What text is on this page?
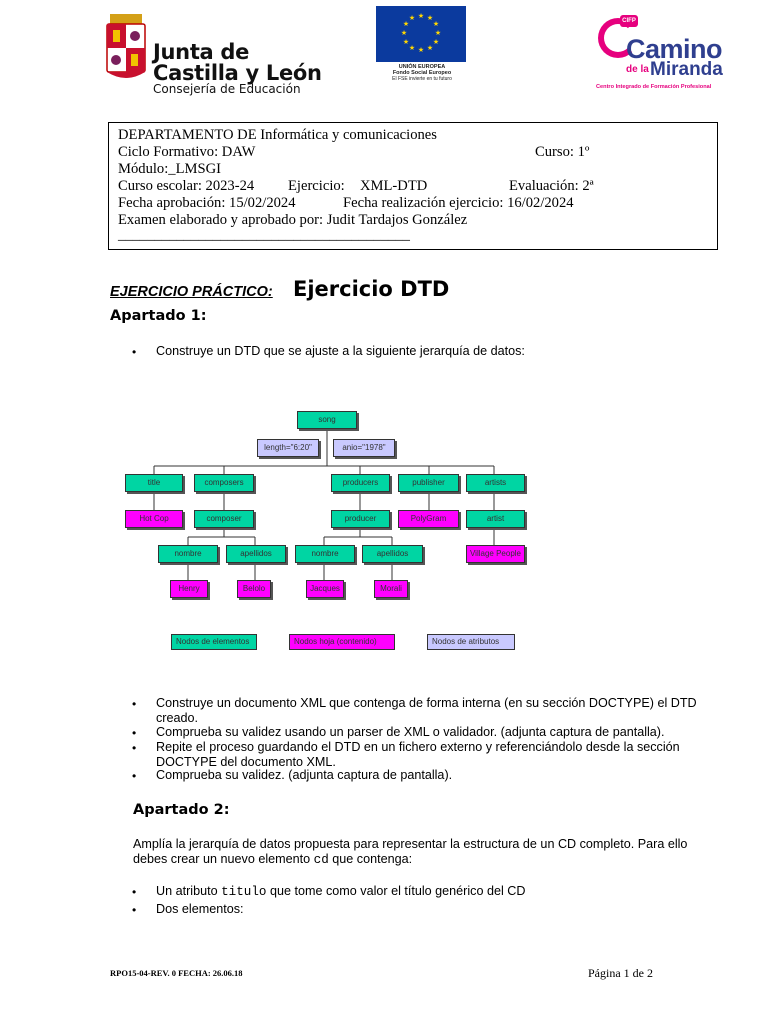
Junta de
Castilla y León
Consejería de Educación
★ ★
★
★
★
★
★
★
★
★
★
★
UNIÓN EUROPEA
Fondo Social Europeo
El FSE invierte en tu futuro
CIFP
Camino
de la Miranda
Centro Integrado de Formación Profesional
DEPARTAMENTO DE Informática y comunicaciones
Ciclo Formativo: DAW	Curso: 1º
Módulo:_LMSGI
Curso escolar: 2023-24 Ejercicio: XML-DTD	Evaluación: 2ª
Fecha aprobación: 15/02/2024	Fecha realización ejercicio: 16/02/2024
Examen elaborado y aprobado por: Judit Tardajos González
________________________________________
EJERCICIO PRÁCTICO: Ejercicio DTD
Apartado 1:
•	Construye un DTD que se ajuste a la siguiente jerarquía de datos:
song
length="6:20"	anio="1978"
title	composers	producers	publisher	artists
Hot Cop	composer	producer	PolyGram	artist
nombre	apellidos	nombre	apellidos	Village People
Henry	Belolo	Jacques	Morali
Nodos de elementos	Nodos hoja (contenido)	Nodos de atributos
•	Construye un documento XML que contenga de forma interna (en su sección DOCTYPE) el DTD creado.
•	Comprueba su validez usando un parser de XML o validador. (adjunta captura de pantalla).
•	Repite el proceso guardando el DTD en un fichero externo y referenciándolo desde la sección DOCTYPE del documento XML.
•	Comprueba su validez. (adjunta captura de pantalla).
Apartado 2:
Amplía la jerarquía de datos propuesta para representar la estructura de un CD completo. Para ello
debes crear un nuevo elemento cd que contenga:
•	Un atributo titulo que tome como valor el título genérico del CD
•	Dos elementos:
RPO15-04-REV. 0 FECHA: 26.06.18	Página 1 de 2
